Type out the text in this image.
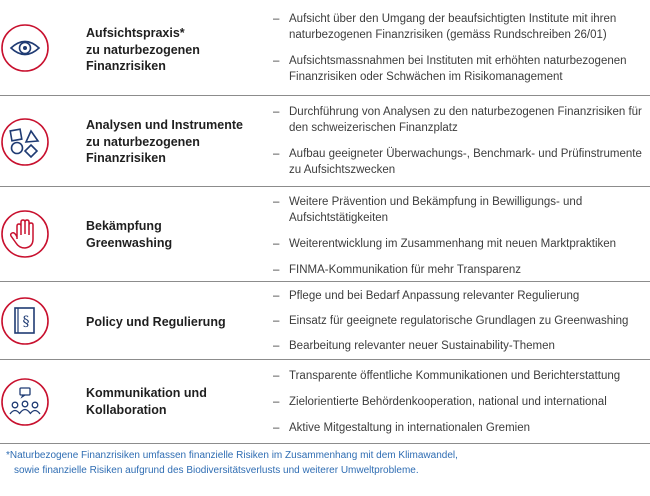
Aufsichtspraxis*
zu naturbezogenen
Finanzrisiken
– Aufsicht über den Umgang der beaufsichtigten Institute mit ihren naturbezogenen Finanzrisiken (gemäss Rundschreiben 26/01)
– Aufsichtsmassnahmen bei Instituten mit erhöhten naturbezogenen Finanzrisiken oder Schwächen im Risikomanagement
Analysen und Instrumente
zu naturbezogenen
Finanzrisiken
– Durchführung von Analysen zu den naturbezogenen Finanzrisiken für den schweizerischen Finanzplatz
– Aufbau geeigneter Überwachungs-, Benchmark- und Prüfinstrumente zu Aufsichtszwecken
Bekämpfung
Greenwashing
– Weitere Prävention und Bekämpfung in Bewilligungs- und Aufsichtstätigkeiten
– Weiterentwicklung im Zusammenhang mit neuen Marktpraktiken
– FINMA-Kommunikation für mehr Transparenz
§	Policy und Regulierung
– Pflege und bei Bedarf Anpassung relevanter Regulierung
– Einsatz für geeignete regulatorische Grundlagen zu Greenwashing
– Bearbeitung relevanter neuer Sustainability-Themen
Kommunikation und
Kollaboration
– Transparente öffentliche Kommunikationen und Berichterstattung
– Zielorientierte Behördenkooperation, national und international
– Aktive Mitgestaltung in internationalen Gremien
*Naturbezogene Finanzrisiken umfassen finanzielle Risiken im Zusammenhang mit dem Klimawandel,
sowie finanzielle Risiken aufgrund des Biodiversitätsverlusts und weiterer Umweltprobleme.
